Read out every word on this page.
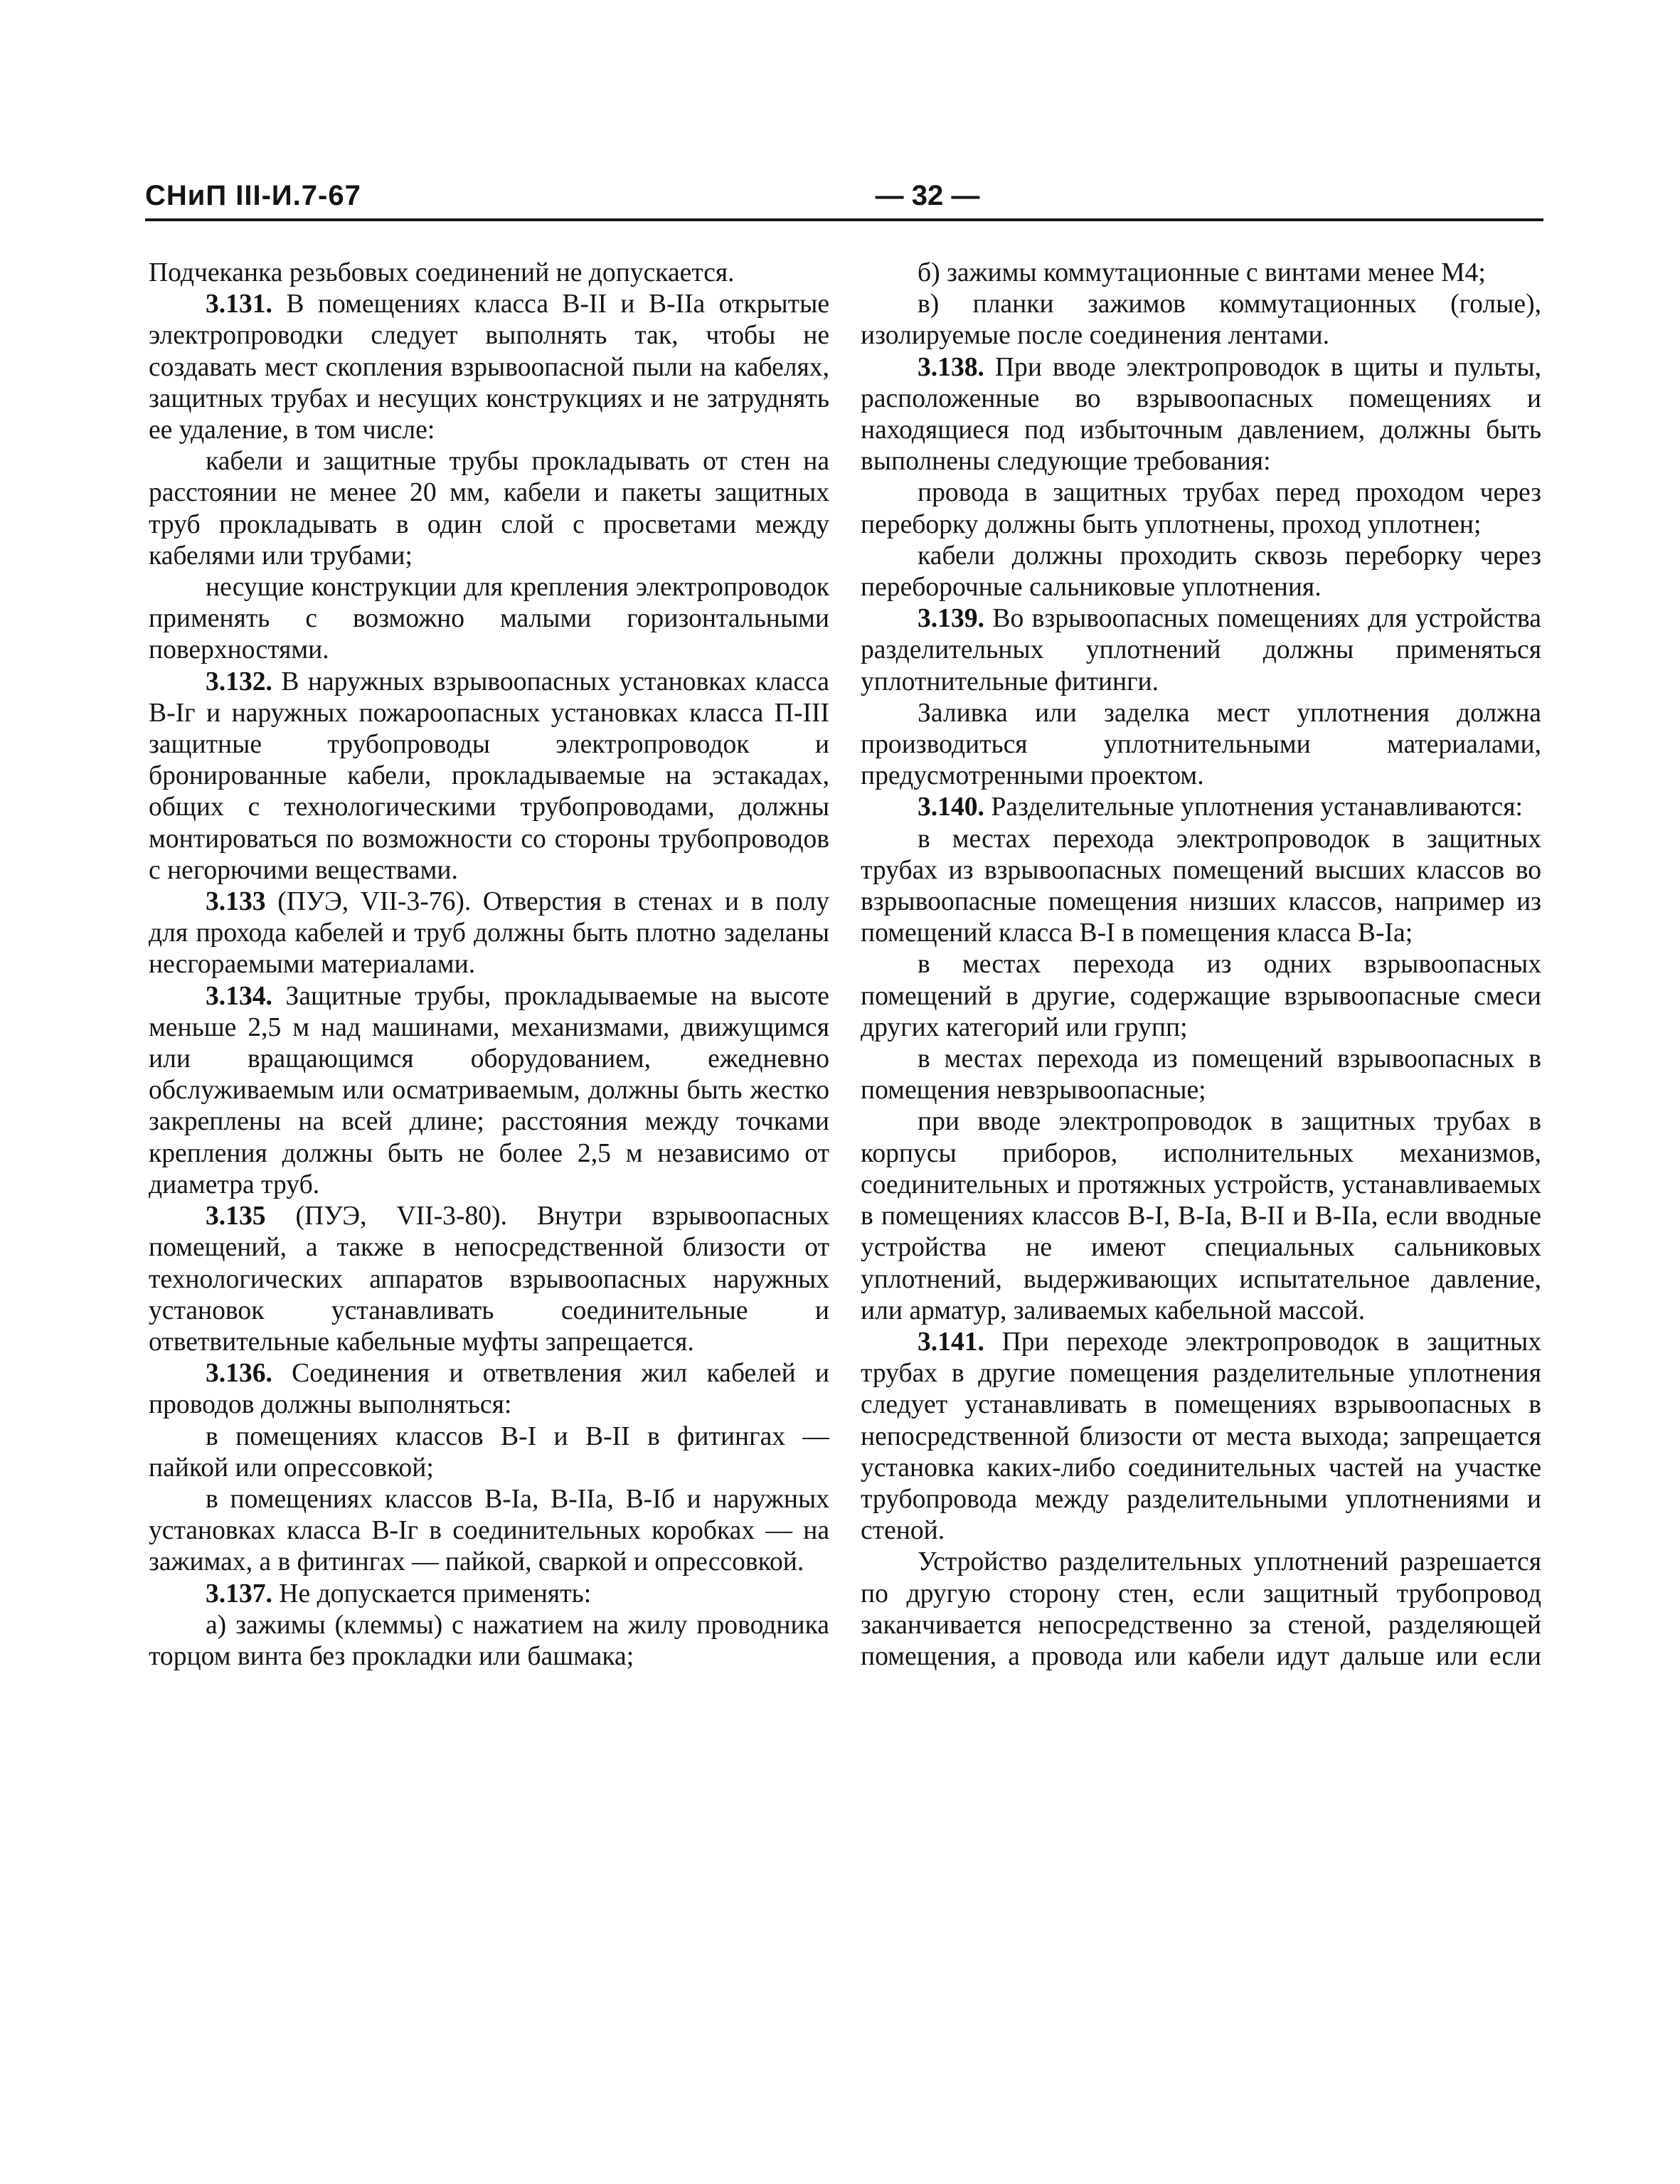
СНиП III-И.7-67	— 32 —

Подчеканка резьбовых соединений не допускается.

3.131. В помещениях класса В-II и В-IIа открытые электропроводки следует выполнять так, чтобы не создавать мест скопления взрывоопасной пыли на кабелях, защитных трубах и несущих конструкциях и не затруднять ее удаление, в том числе:

кабели и защитные трубы прокладывать от стен на расстоянии не менее 20 мм, кабели и пакеты защитных труб прокладывать в один слой с просветами между кабелями или трубами;

несущие конструкции для крепления электропроводок применять с возможно малыми горизонтальными поверхностями.

3.132. В наружных взрывоопасных установках класса В-Iг и наружных пожароопасных установках класса П-III защитные трубопроводы электропроводок и бронированные кабели, прокладываемые на эстакадах, общих с технологическими трубопроводами, должны монтироваться по возможности со стороны трубопроводов с негорючими веществами.

3.133 (ПУЭ, VII-3-76). Отверстия в стенах и в полу для прохода кабелей и труб должны быть плотно заделаны несгораемыми материалами.

3.134. Защитные трубы, прокладываемые на высоте меньше 2,5 м над машинами, механизмами, движущимся или вращающимся оборудованием, ежедневно обслуживаемым или осматриваемым, должны быть жестко закреплены на всей длине; расстояния между точками крепления должны быть не более 2,5 м независимо от диаметра труб.

3.135 (ПУЭ, VII-3-80). Внутри взрывоопасных помещений, а также в непосредственной близости от технологических аппаратов взрывоопасных наружных установок устанавливать соединительные и ответвительные кабельные муфты запрещается.

3.136. Соединения и ответвления жил кабелей и проводов должны выполняться:

в помещениях классов В-I и В-II в фитингах — пайкой или опрессовкой;

в помещениях классов В-Iа, В-IIа, В-Iб и наружных установках класса В-Iг в соединительных коробках — на зажимах, а в фитингах — пайкой, сваркой и опрессовкой.

3.137. Не допускается применять:

а) зажимы (клеммы) с нажатием на жилу проводника торцом винта без прокладки или башмака;

б) зажимы коммутационные с винтами менее М4;

в) планки зажимов коммутационных (голые), изолируемые после соединения лентами.

3.138. При вводе электропроводок в щиты и пульты, расположенные во взрывоопасных помещениях и находящиеся под избыточным давлением, должны быть выполнены следующие требования:

провода в защитных трубах перед проходом через переборку должны быть уплотнены, проход уплотнен;

кабели должны проходить сквозь переборку через переборочные сальниковые уплотнения.

3.139. Во взрывоопасных помещениях для устройства разделительных уплотнений должны применяться уплотнительные фитинги.

Заливка или заделка мест уплотнения должна производиться уплотнительными материалами, предусмотренными проектом.

3.140. Разделительные уплотнения устанавливаются:

в местах перехода электропроводок в защитных трубах из взрывоопасных помещений высших классов во взрывоопасные помещения низших классов, например из помещений класса В-I в помещения класса В-Iа;

в местах перехода из одних взрывоопасных помещений в другие, содержащие взрывоопасные смеси других категорий или групп;

в местах перехода из помещений взрывоопасных в помещения невзрывоопасные;

при вводе электропроводок в защитных трубах в корпусы приборов, исполнительных механизмов, соединительных и протяжных устройств, устанавливаемых в помещениях классов В-I, В-Iа, В-II и В-IIа, если вводные устройства не имеют специальных сальниковых уплотнений, выдерживающих испытательное давление, или арматур, заливаемых кабельной массой.

3.141. При переходе электропроводок в защитных трубах в другие помещения разделительные уплотнения следует устанавливать в помещениях взрывоопасных в непосредственной близости от места выхода; запрещается установка каких-либо соединительных частей на участке трубопровода между разделительными уплотнениями и стеной.

Устройство разделительных уплотнений разрешается по другую сторону стен, если защитный трубопровод заканчивается непосредственно за стеной, разделяющей помещения, а провода или кабели идут дальше или если
